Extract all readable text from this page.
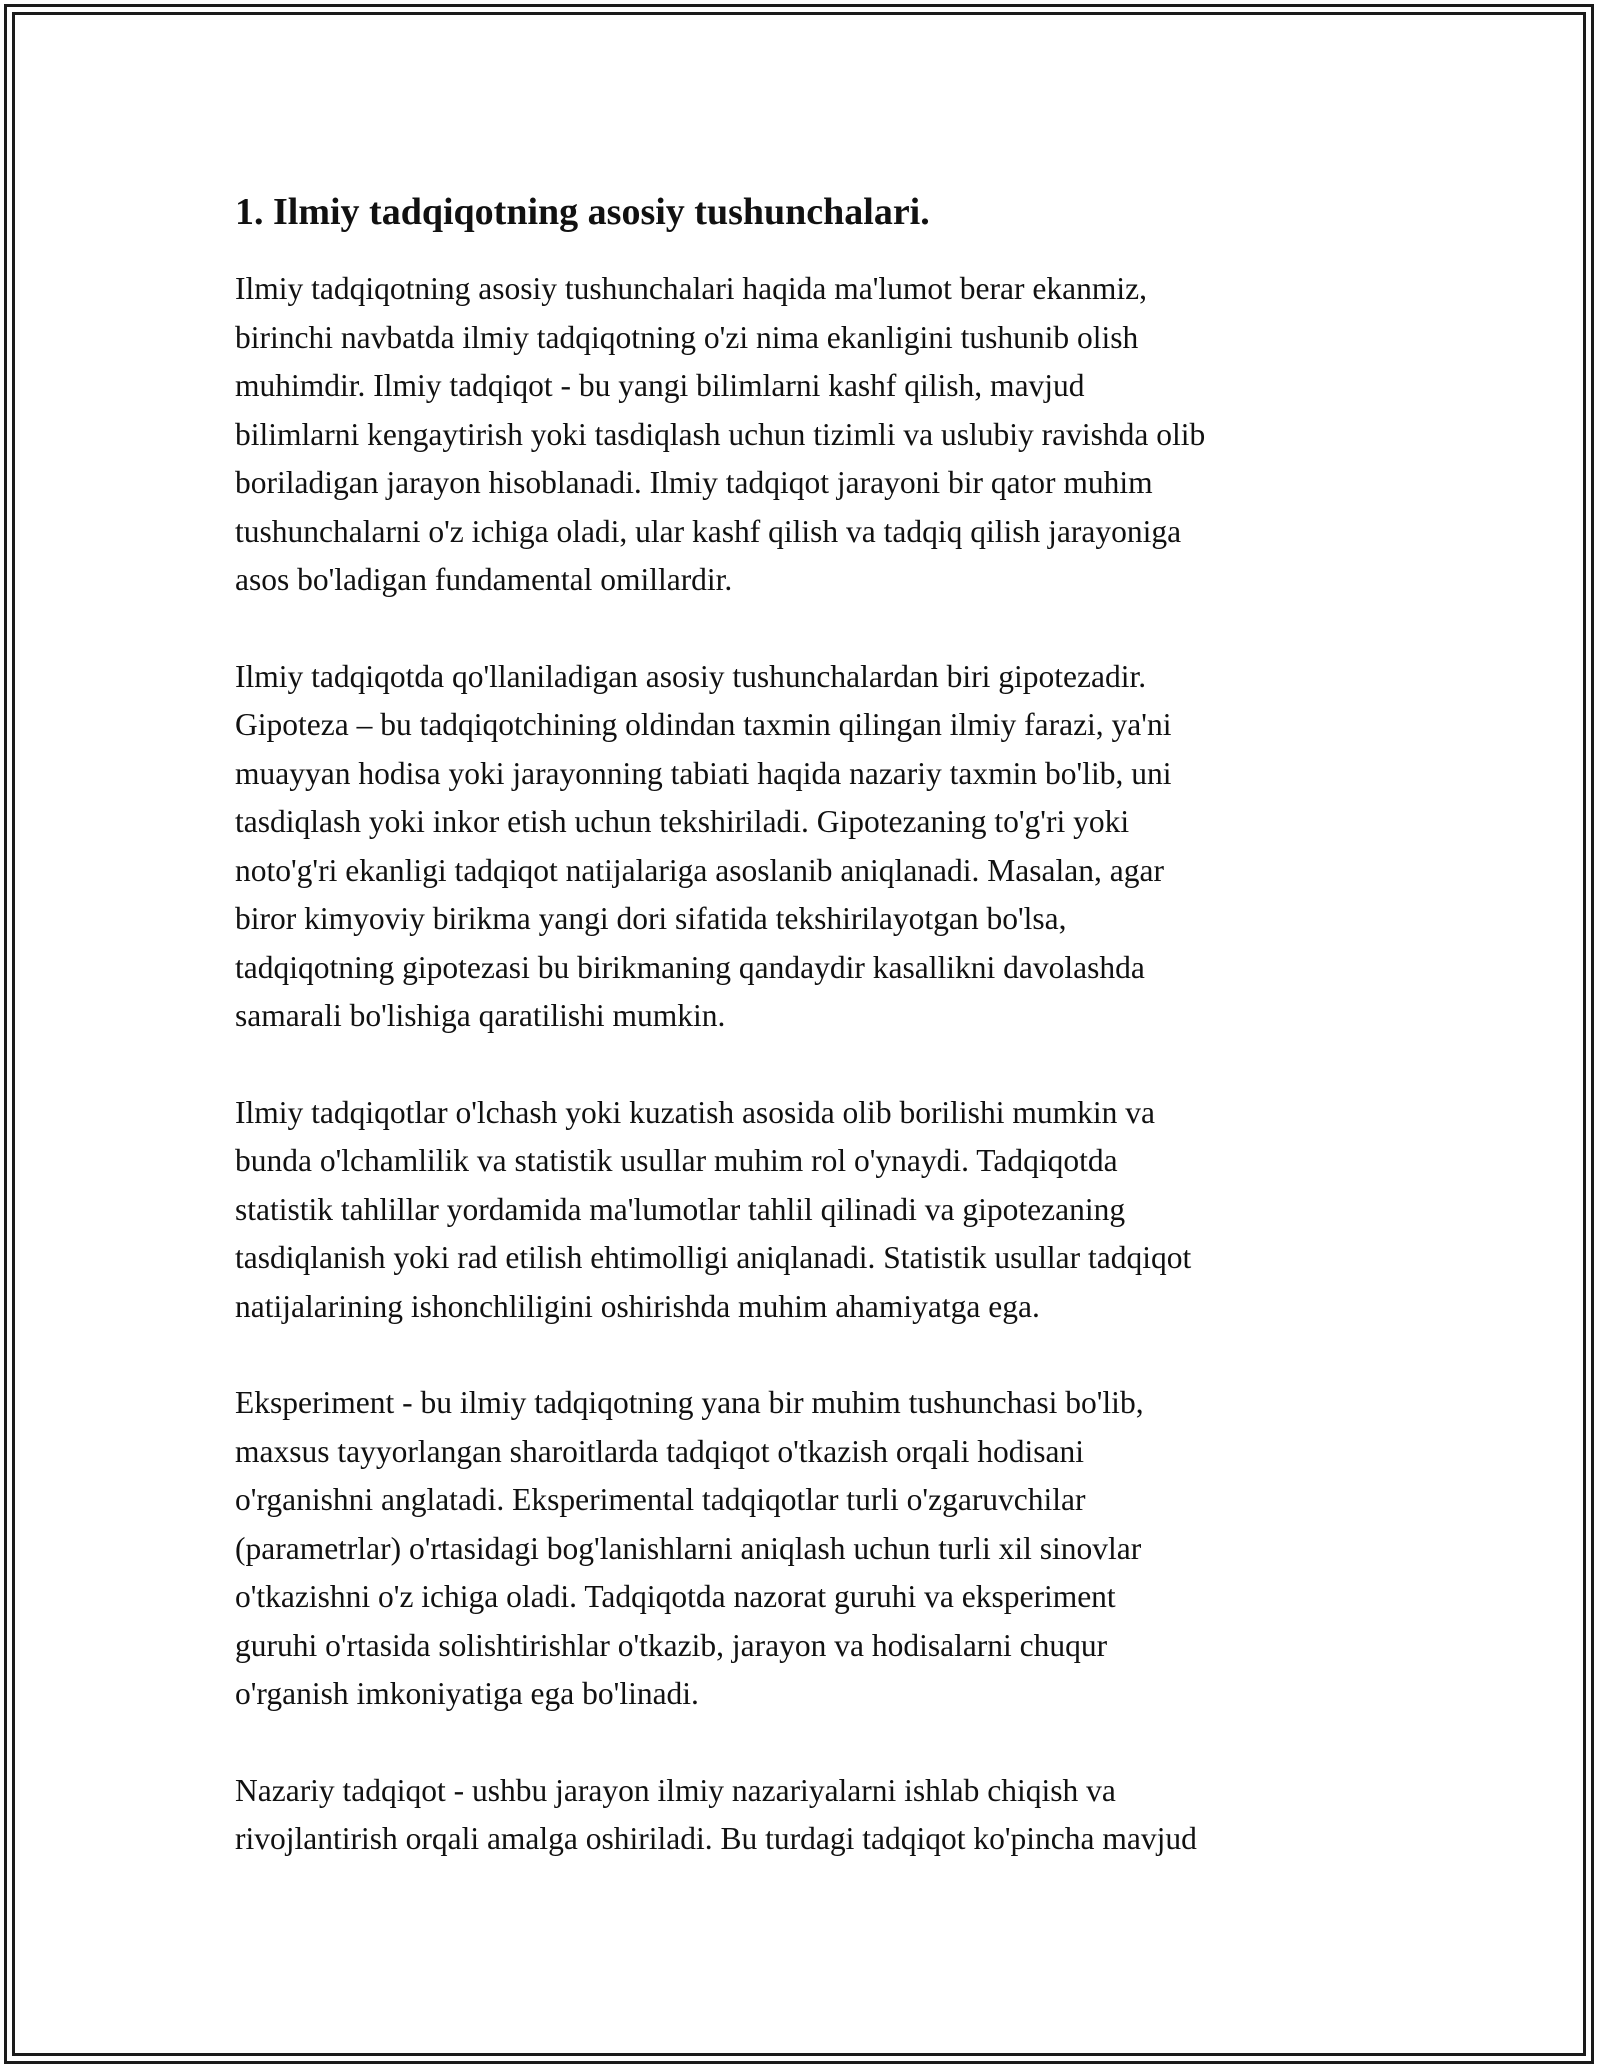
1. Ilmiy tadqiqotning asosiy tushunchalari.
Ilmiy tadqiqotning asosiy tushunchalari haqida ma'lumot berar ekanmiz,
birinchi navbatda ilmiy tadqiqotning o'zi nima ekanligini tushunib olish
muhimdir. Ilmiy tadqiqot - bu yangi bilimlarni kashf qilish, mavjud
bilimlarni kengaytirish yoki tasdiqlash uchun tizimli va uslubiy ravishda olib
boriladigan jarayon hisoblanadi. Ilmiy tadqiqot jarayoni bir qator muhim
tushunchalarni o'z ichiga oladi, ular kashf qilish va tadqiq qilish jarayoniga
asos bo'ladigan fundamental omillardir.
Ilmiy tadqiqotda qo'llaniladigan asosiy tushunchalardan biri gipotezadir.
Gipoteza – bu tadqiqotchining oldindan taxmin qilingan ilmiy farazi, ya'ni
muayyan hodisa yoki jarayonning tabiati haqida nazariy taxmin bo'lib, uni
tasdiqlash yoki inkor etish uchun tekshiriladi. Gipotezaning to'g'ri yoki
noto'g'ri ekanligi tadqiqot natijalariga asoslanib aniqlanadi. Masalan, agar
biror kimyoviy birikma yangi dori sifatida tekshirilayotgan bo'lsa,
tadqiqotning gipotezasi bu birikmaning qandaydir kasallikni davolashda
samarali bo'lishiga qaratilishi mumkin.
Ilmiy tadqiqotlar o'lchash yoki kuzatish asosida olib borilishi mumkin va
bunda o'lchamlilik va statistik usullar muhim rol o'ynaydi. Tadqiqotda
statistik tahlillar yordamida ma'lumotlar tahlil qilinadi va gipotezaning
tasdiqlanish yoki rad etilish ehtimolligi aniqlanadi. Statistik usullar tadqiqot
natijalarining ishonchliligini oshirishda muhim ahamiyatga ega.
Eksperiment - bu ilmiy tadqiqotning yana bir muhim tushunchasi bo'lib,
maxsus tayyorlangan sharoitlarda tadqiqot o'tkazish orqali hodisani
o'rganishni anglatadi. Eksperimental tadqiqotlar turli o'zgaruvchilar
(parametrlar) o'rtasidagi bog'lanishlarni aniqlash uchun turli xil sinovlar
o'tkazishni o'z ichiga oladi. Tadqiqotda nazorat guruhi va eksperiment
guruhi o'rtasida solishtirishlar o'tkazib, jarayon va hodisalarni chuqur
o'rganish imkoniyatiga ega bo'linadi.
Nazariy tadqiqot - ushbu jarayon ilmiy nazariyalarni ishlab chiqish va
rivojlantirish orqali amalga oshiriladi. Bu turdagi tadqiqot ko'pincha mavjud
